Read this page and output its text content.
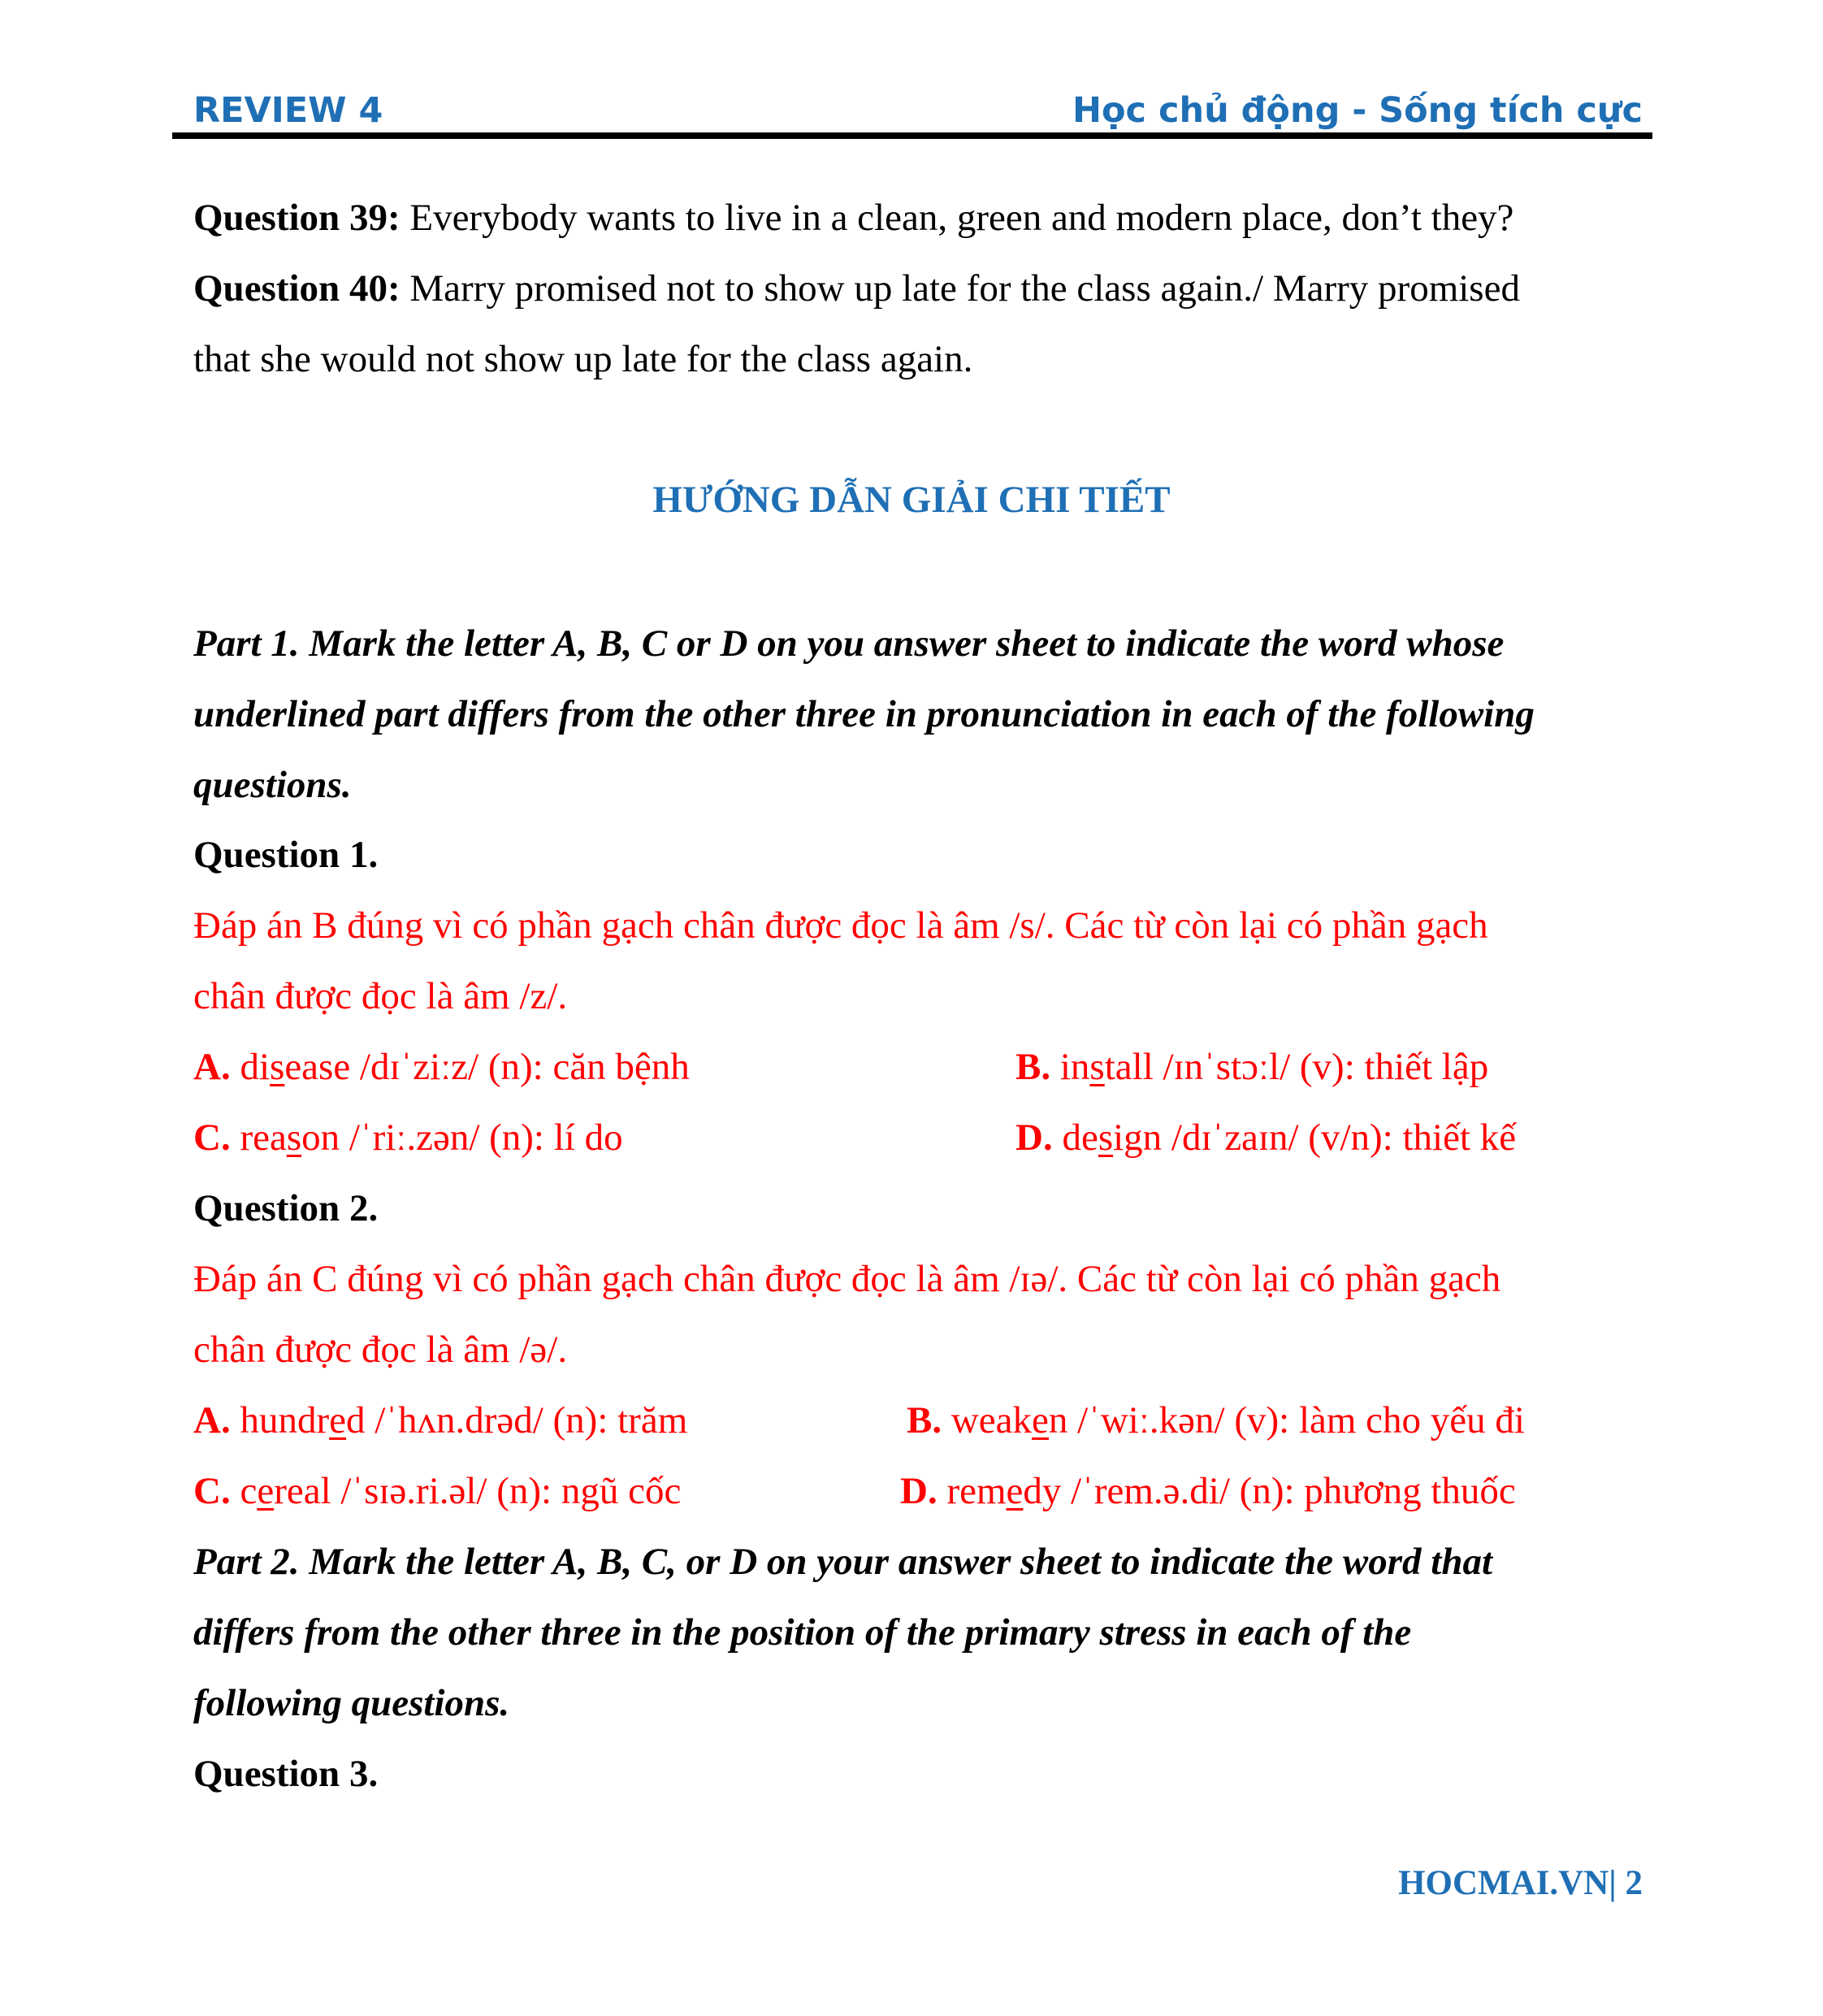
REVIEW 4	Học chủ động - Sống tích cực
Question 39: Everybody wants to live in a clean, green and modern place, don’t they?
Question 40: Marry promised not to show up late for the class again./ Marry promised
that she would not show up late for the class again.
HƯỚNG DẪN GIẢI CHI TIẾT
Part 1. Mark the letter A, B, C or D on you answer sheet to indicate the word whose
underlined part differs from the other three in pronunciation in each of the following
questions.
Question 1.
Đáp án B đúng vì có phần gạch chân được đọc là âm /s/. Các từ còn lại có phần gạch
chân được đọc là âm /z/.
A. disease /dɪˈziːz/ (n): căn bệnh	B. install /ɪnˈstɔːl/ (v): thiết lập
C. reason /ˈriː.zən/ (n): lí do	D. design /dɪˈzaɪn/ (v/n): thiết kế
Question 2.
Đáp án C đúng vì có phần gạch chân được đọc là âm /ɪə/. Các từ còn lại có phần gạch
chân được đọc là âm /ə/.
A. hundred /ˈhʌn.drəd/ (n): trăm	B. weaken /ˈwiː.kən/ (v): làm cho yếu đi
C. cereal /ˈsɪə.ri.əl/ (n): ngũ cốc	D. remedy /ˈrem.ə.di/ (n): phương thuốc
Part 2. Mark the letter A, B, C, or D on your answer sheet to indicate the word that
differs from the other three in the position of the primary stress in each of the
following questions.
Question 3.
HOCMAI.VN| 2
